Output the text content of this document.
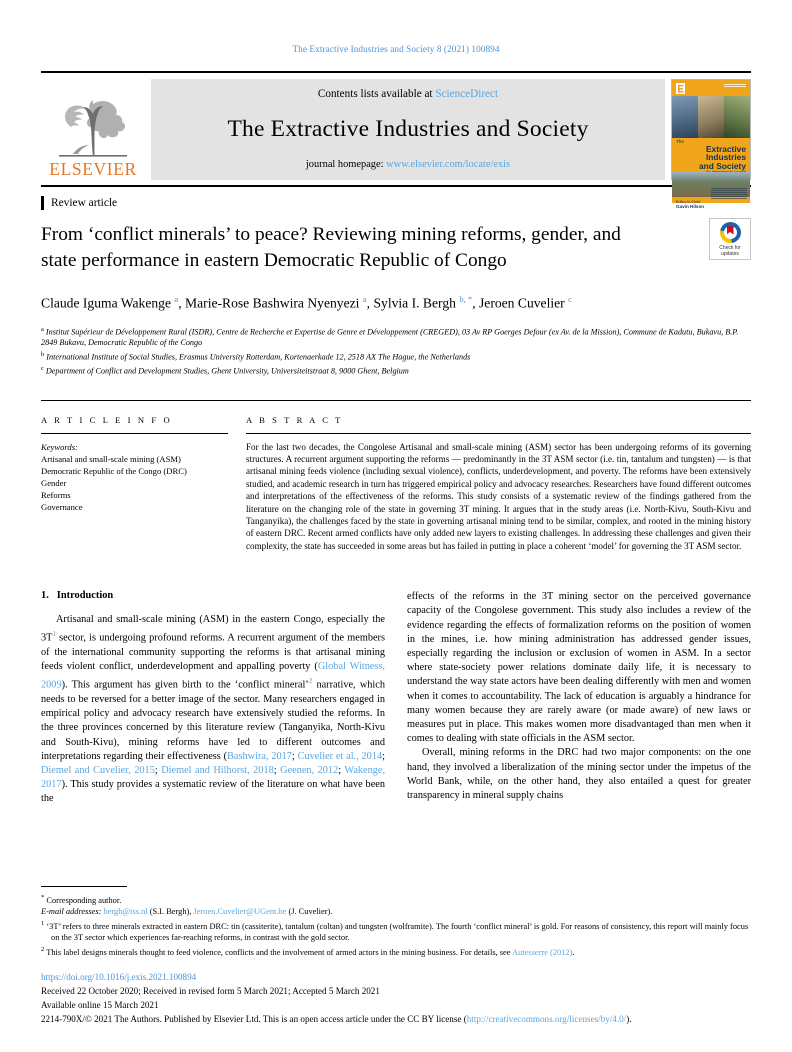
The Extractive Industries and Society 8 (2021) 100894
ELSEVIER
Contents lists available at ScienceDirect
The Extractive Industries and Society
journal homepage: www.elsevier.com/locate/exis
The
Extractive Industries
and Society
Editor-in-Chief
Gavin Hilson
Review article
From ‘conflict minerals’ to peace? Reviewing mining reforms, gender, and state performance in eastern Democratic Republic of Congo
Check for
updates
Claude Iguma Wakenge $^a$, Marie-Rose Bashwira Nyenyezi $^a$, Sylvia I. Bergh $^{b, *}$, Jeroen Cuvelier $^c$
$^a$ Institut Supérieur de Développement Rural (ISDR), Centre de Recherche et Expertise de Genre et Développement (CREGED), 03 Av RP Goerges Defour (ex Av. de la Mission), Commune de Kadutu, Bukavu, B.P. 2849 Bukavu, Democratic Republic of the Congo
$^b$ International Institute of Social Studies, Erasmus University Rotterdam, Kortenaerkade 12, 2518 AX The Hague, the Netherlands
$^c$ Department of Conflict and Development Studies, Ghent University, Universiteitstraat 8, 9000 Ghent, Belgium
A R T I C L E I N F O
Keywords:
Artisanal and small-scale mining (ASM)
Democratic Republic of the Congo (DRC)
Gender
Reforms
Governance
A B S T R A C T
For the last two decades, the Congolese Artisanal and small-scale mining (ASM) sector has been undergoing reforms of its governing structures. A recurrent argument supporting the reforms — predominantly in the 3T ASM sector (i.e. tin, tantalum and tungsten) — is that artisanal mining feeds violence (including sexual violence), conflicts, underdevelopment, and poverty. The reforms have been extensively studied, and academic research in turn has triggered empirical policy and advocacy researches. Researchers have found different outcomes and interpretations of the effectiveness of the reforms. This study consists of a systematic review of the findings gathered from the literature on the changing role of the state in governing 3T mining. It argues that in the study areas (i.e. North-Kivu, South-Kivu and Tanganyika), the challenges faced by the state in governing artisanal mining tend to be similar, complex, and rooted in the mining history of eastern DRC. Recent armed conflicts have only added new layers to existing challenges. In addressing these challenges and given their complexity, the state has succeeded in some areas but has failed in putting in place a coherent ‘model’ for governing the 3T ASM sector.
1. Introduction

Artisanal and small-scale mining (ASM) in the eastern Congo, especially the $3T^1$ sector, is undergoing profound reforms. A recurrent argument of the members of the international community supporting the reforms is that artisanal mining feeds violent conflict, underdevelopment and appalling poverty (Global Witness, 2009). This argument has given birth to the ‘conflict mineral’$^2$ narrative, which needs to be reversed for a better image of the sector. Many researchers engaged in empirical policy and advocacy research have extensively studied the reforms. In the three provinces concerned by this literature review (Tanganyika, North-Kivu and South-Kivu), mining reforms have led to different outcomes and interpretations regarding their effectiveness (Bashwira, 2017; Cuvelier et al., 2014; Diemel and Cuvelier, 2015; Diemel and Hilhorst, 2018; Geenen, 2012; Wakenge, 2017). This study provides a systematic review of the literature on what have been the

effects of the reforms in the 3T mining sector on the perceived governance capacity of the Congolese government. This study also includes a review of the evidence regarding the effects of formalization reforms on the position of women in the mines, i.e. how mining administration has addressed gender issues, especially regarding the inclusion or exclusion of women in ASM. In a sector where state-society power relations dominate daily life, it is necessary to understand the way state actors have been dealing differently with men and women when it comes to accountability. The lack of education is arguably a hindrance for many women because they are rarely aware (or made aware) of new laws or measures put in place. This makes women more disadvantaged than men when it comes to dealing with state officials in the ASM sector.

Overall, mining reforms in the DRC had two major components: on the one hand, they involved a liberalization of the mining sector under the impetus of the World Bank, while, on the other hand, they also entailed a quest for greater transparency in mineral supply chains

* Corresponding author.
E-mail addresses: bergh@iss.nl (S.I. Bergh), Jeroen.Cuvelier@UGent.be (J. Cuvelier).
$^1$ ‘3T’ refers to three minerals extracted in eastern DRC: tin (cassiterite), tantalum (coltan) and tungsten (wolframite). The fourth ‘conflict mineral’ is gold. For reasons of consistency, this report will mainly focus on the 3T sector which experiences far-reaching reforms, in contrast with the gold sector.
$^2$ This label designs minerals thought to feed violence, conflicts and the involvement of armed actors in the mining business. For details, see Autesserre (2012).
https://doi.org/10.1016/j.exis.2021.100894
Received 22 October 2020; Received in revised form 5 March 2021; Accepted 5 March 2021
Available online 15 March 2021
2214-790X/© 2021 The Authors. Published by Elsevier Ltd. This is an open access article under the CC BY license (http://creativecommons.org/licenses/by/4.0/).
